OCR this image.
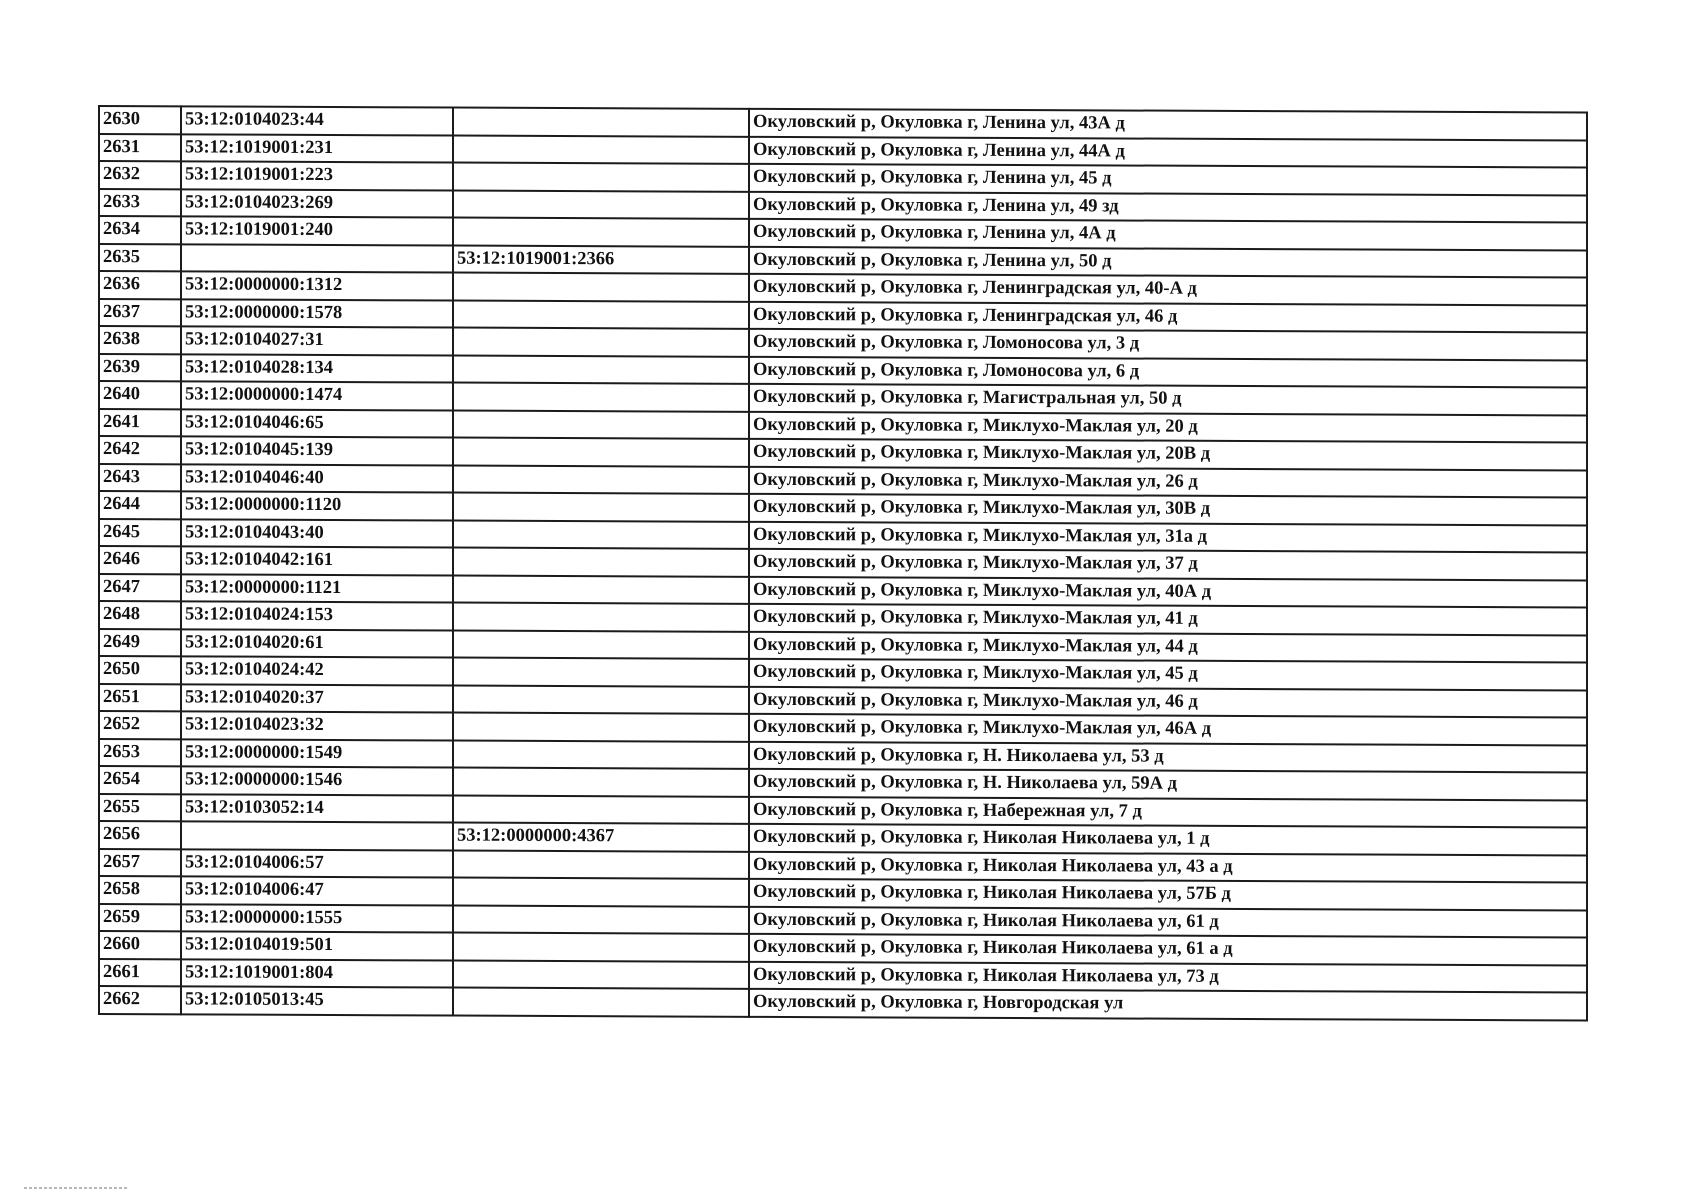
2630	53:12:0104023:44		Окуловский р, Окуловка г, Ленина ул, 43А д
2631	53:12:1019001:231		Окуловский р, Окуловка г, Ленина ул, 44А д
2632	53:12:1019001:223		Окуловский р, Окуловка г, Ленина ул, 45 д
2633	53:12:0104023:269		Окуловский р, Окуловка г, Ленина ул, 49 зд
2634	53:12:1019001:240		Окуловский р, Окуловка г, Ленина ул, 4А д
2635		53:12:1019001:2366	Окуловский р, Окуловка г, Ленина ул, 50 д
2636	53:12:0000000:1312		Окуловский р, Окуловка г, Ленинградская ул, 40-А д
2637	53:12:0000000:1578		Окуловский р, Окуловка г, Ленинградская ул, 46 д
2638	53:12:0104027:31		Окуловский р, Окуловка г, Ломоносова ул, 3 д
2639	53:12:0104028:134		Окуловский р, Окуловка г, Ломоносова ул, 6 д
2640	53:12:0000000:1474		Окуловский р, Окуловка г, Магистральная ул, 50 д
2641	53:12:0104046:65		Окуловский р, Окуловка г, Миклухо-Маклая ул, 20 д
2642	53:12:0104045:139		Окуловский р, Окуловка г, Миклухо-Маклая ул, 20В д
2643	53:12:0104046:40		Окуловский р, Окуловка г, Миклухо-Маклая ул, 26 д
2644	53:12:0000000:1120		Окуловский р, Окуловка г, Миклухо-Маклая ул, 30В д
2645	53:12:0104043:40		Окуловский р, Окуловка г, Миклухо-Маклая ул, 31а д
2646	53:12:0104042:161		Окуловский р, Окуловка г, Миклухо-Маклая ул, 37 д
2647	53:12:0000000:1121		Окуловский р, Окуловка г, Миклухо-Маклая ул, 40А д
2648	53:12:0104024:153		Окуловский р, Окуловка г, Миклухо-Маклая ул, 41 д
2649	53:12:0104020:61		Окуловский р, Окуловка г, Миклухо-Маклая ул, 44 д
2650	53:12:0104024:42		Окуловский р, Окуловка г, Миклухо-Маклая ул, 45 д
2651	53:12:0104020:37		Окуловский р, Окуловка г, Миклухо-Маклая ул, 46 д
2652	53:12:0104023:32		Окуловский р, Окуловка г, Миклухо-Маклая ул, 46А д
2653	53:12:0000000:1549		Окуловский р, Окуловка г, Н. Николаева ул, 53 д
2654	53:12:0000000:1546		Окуловский р, Окуловка г, Н. Николаева ул, 59А д
2655	53:12:0103052:14		Окуловский р, Окуловка г, Набережная ул, 7 д
2656		53:12:0000000:4367	Окуловский р, Окуловка г, Николая Николаева ул, 1 д
2657	53:12:0104006:57		Окуловский р, Окуловка г, Николая Николаева ул, 43 а д
2658	53:12:0104006:47		Окуловский р, Окуловка г, Николая Николаева ул, 57Б д
2659	53:12:0000000:1555		Окуловский р, Окуловка г, Николая Николаева ул, 61 д
2660	53:12:0104019:501		Окуловский р, Окуловка г, Николая Николаева ул, 61 а д
2661	53:12:1019001:804		Окуловский р, Окуловка г, Николая Николаева ул, 73 д
2662	53:12:0105013:45		Окуловский р, Окуловка г, Новгородская ул
